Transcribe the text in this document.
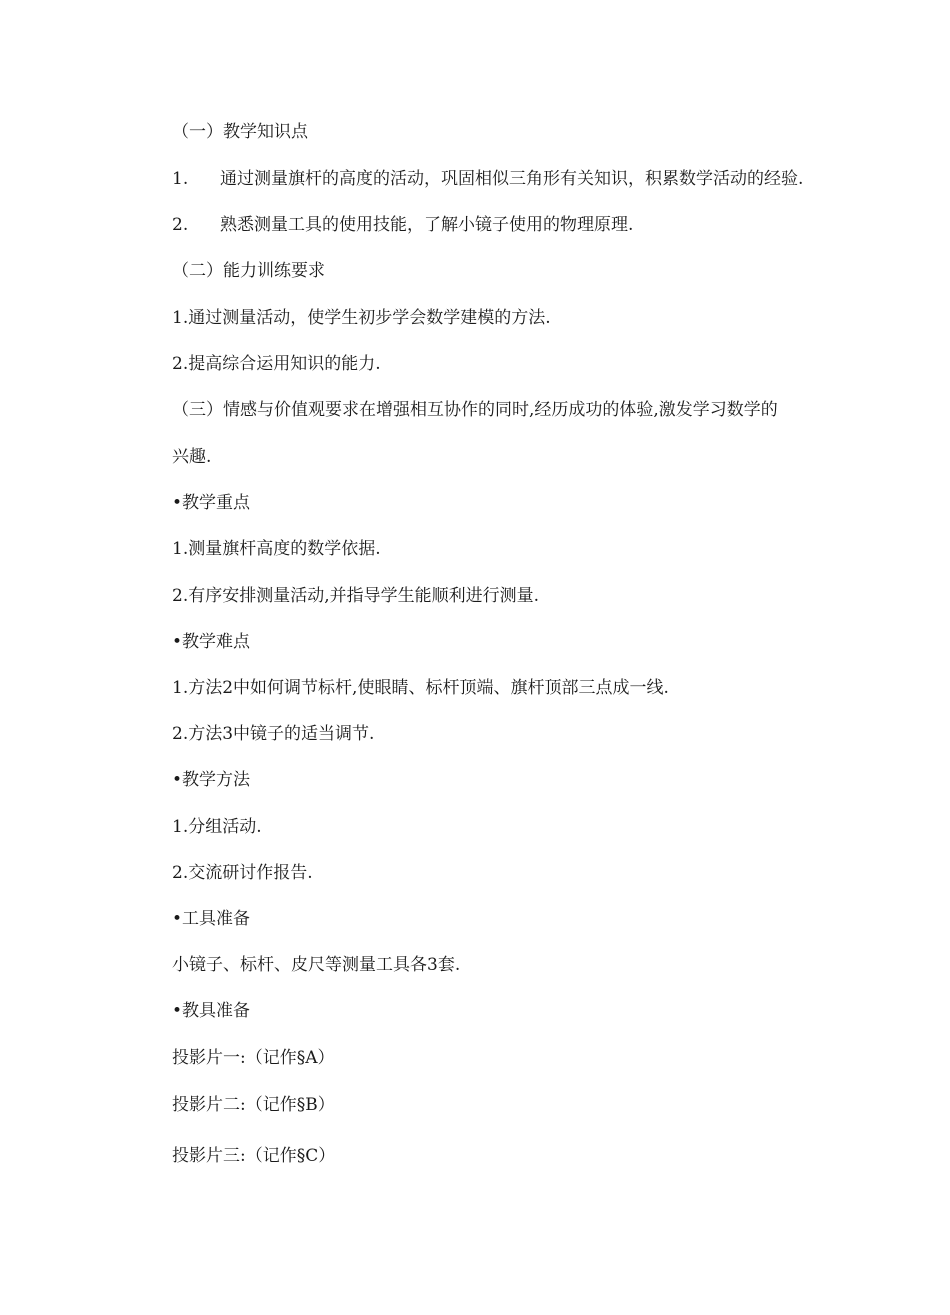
（一）教学知识点
1. 通过测量旗杆的高度的活动，巩固相似三角形有关知识，积累数学活动的经验.
2. 熟悉测量工具的使用技能，了解小镜子使用的物理原理.
（二）能力训练要求
1.通过测量活动，使学生初步学会数学建模的方法.
2.提高综合运用知识的能力.
（三）情感与价值观要求在增强相互协作的同时,经历成功的体验,激发学习数学的
兴趣.
•教学重点
1.测量旗杆高度的数学依据.
2.有序安排测量活动,并指导学生能顺利进行测量.
•教学难点
1.方法2中如何调节标杆,使眼睛、标杆顶端、旗杆顶部三点成一线.
2.方法3中镜子的适当调节.
•教学方法
1.分组活动.
2.交流研讨作报告.
•工具准备
小镜子、标杆、皮尺等测量工具各3套.
•教具准备
投影片一:（记作§A）
投影片二:（记作§B）
投影片三:（记作§C）
